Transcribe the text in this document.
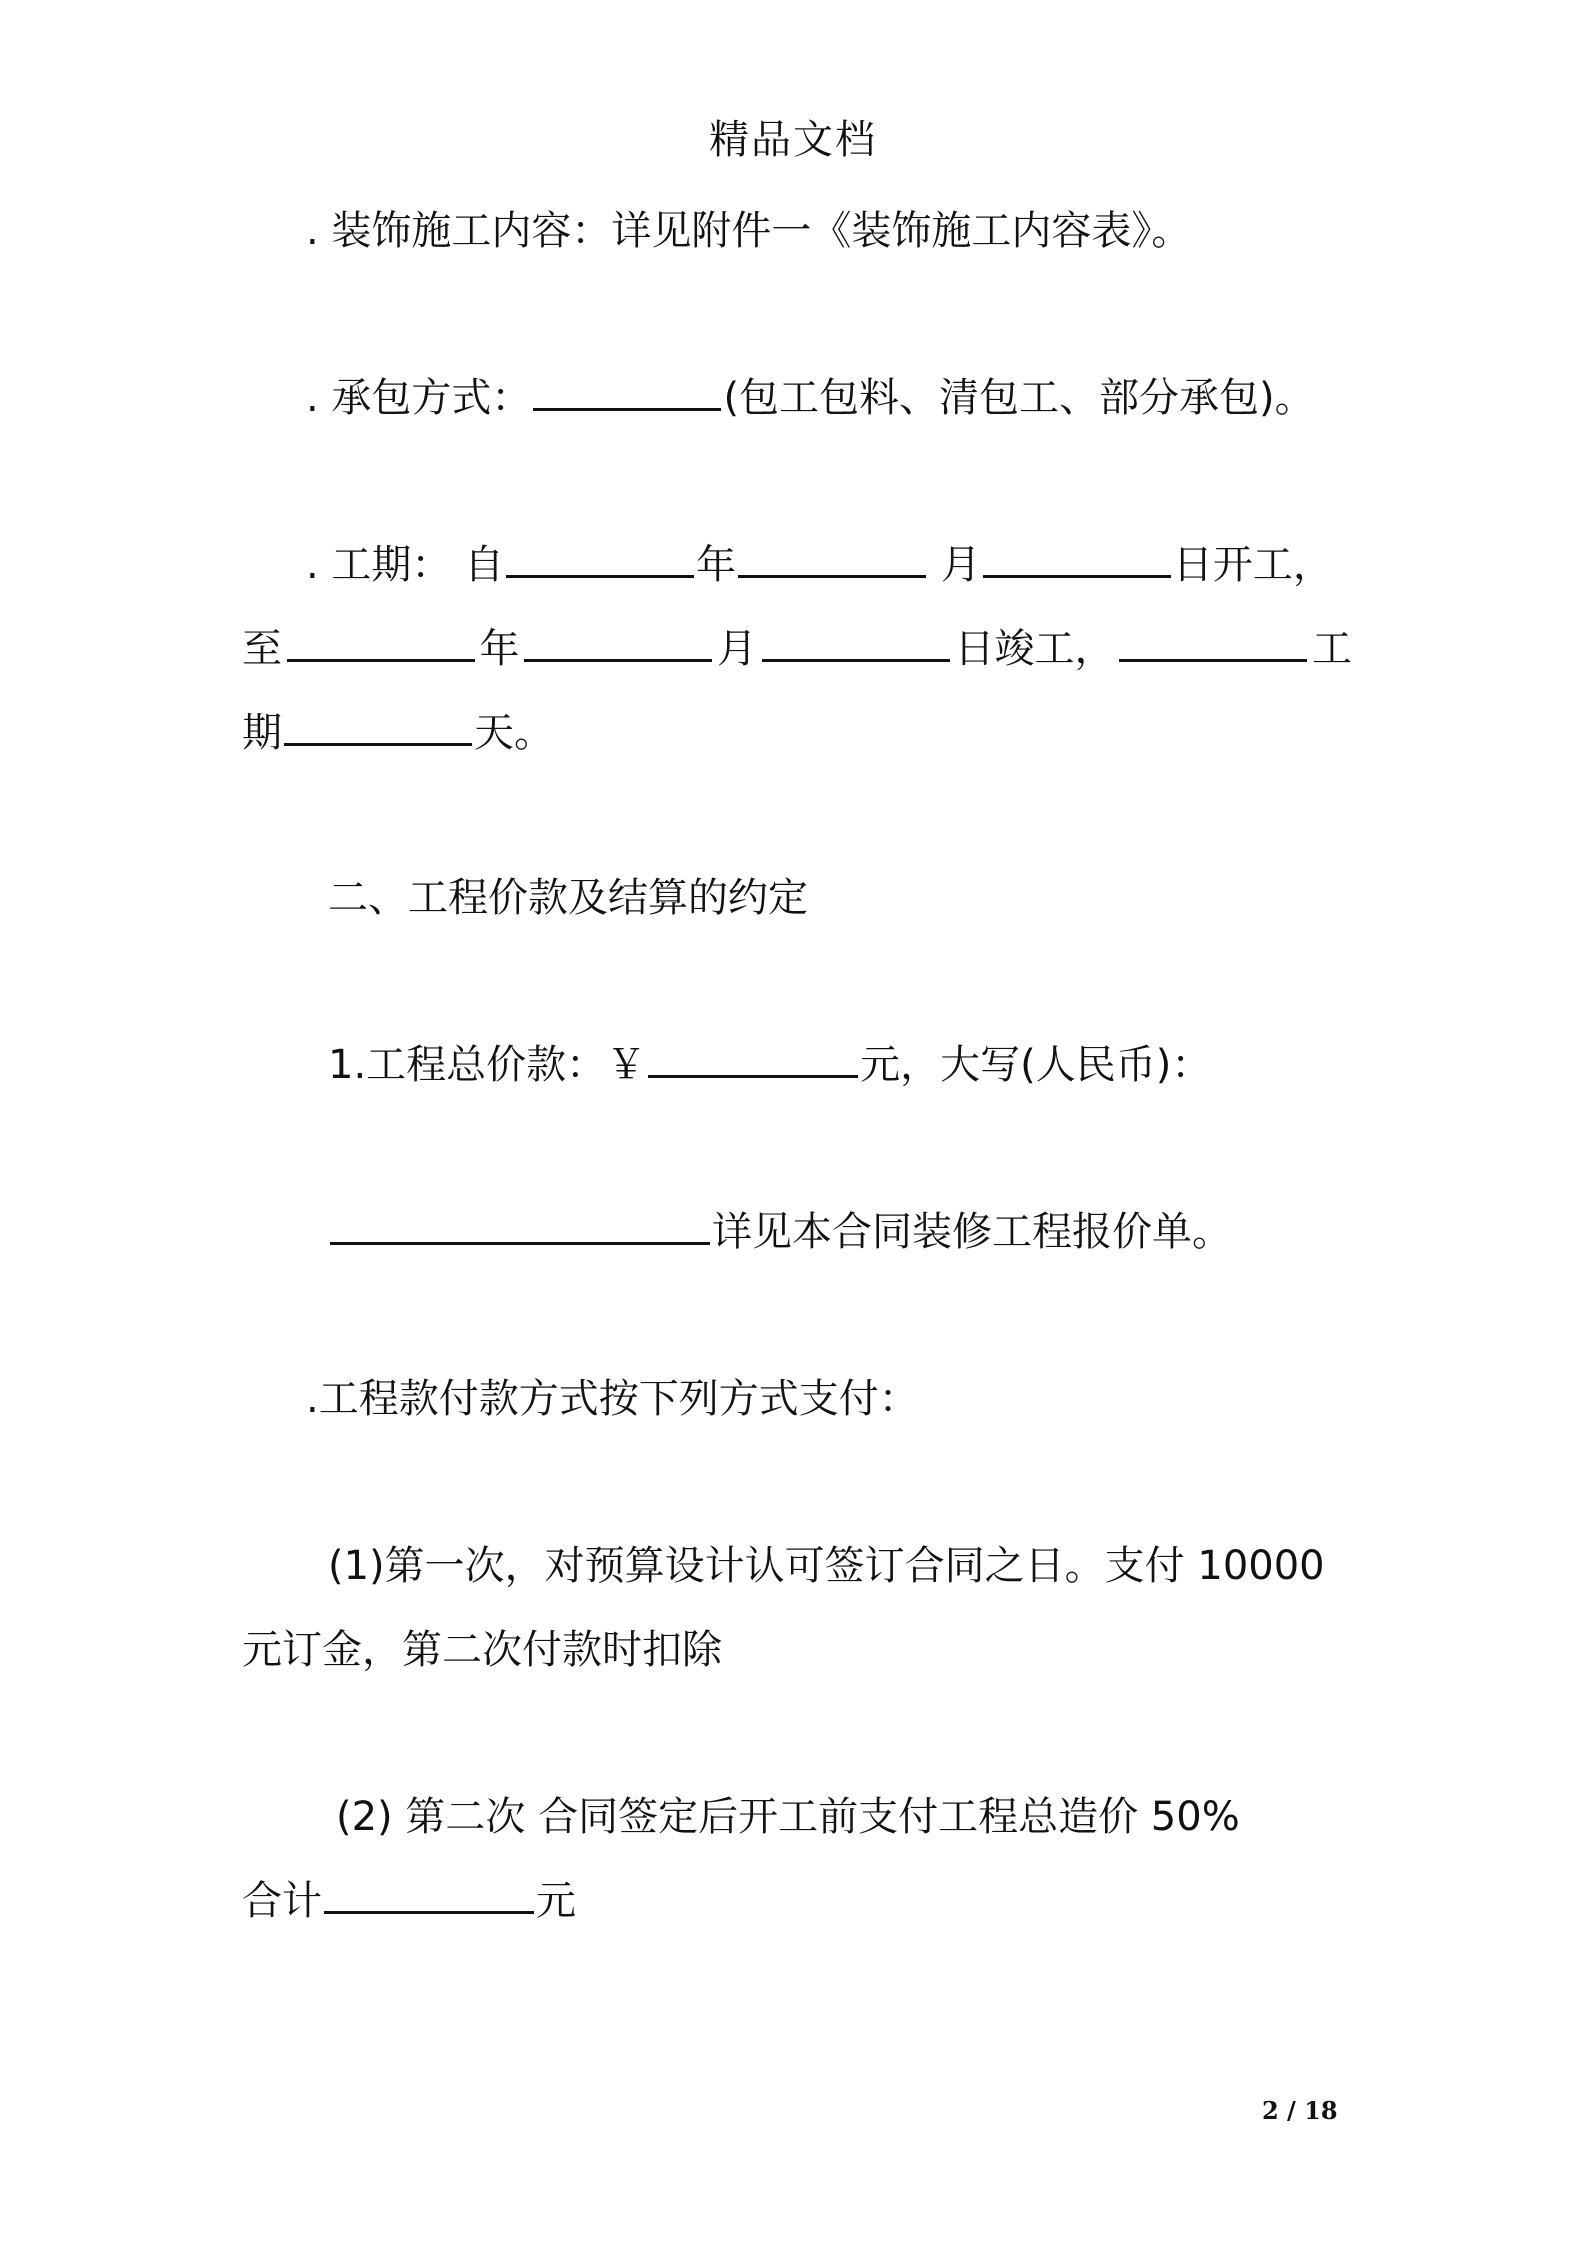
精品文档

. 装饰施工内容：详见附件一《装饰施工内容表》。

. 承包方式：	(包工包料、清包工、部分承包)。

. 工期： 自	年	月	日开工，

至	年	月	日竣工，	工

期	天。

二、工程价款及结算的约定

1.工程总价款：￥	元，大写(人民币)：

详见本合同装修工程报价单。

.工程款付款方式按下列方式支付：

(1)第一次，对预算设计认可签订合同之日。支付 10000

元订金，第二次付款时扣除

(2) 第二次 合同签定后开工前支付工程总造价 50%

合计	元

2 / 18
